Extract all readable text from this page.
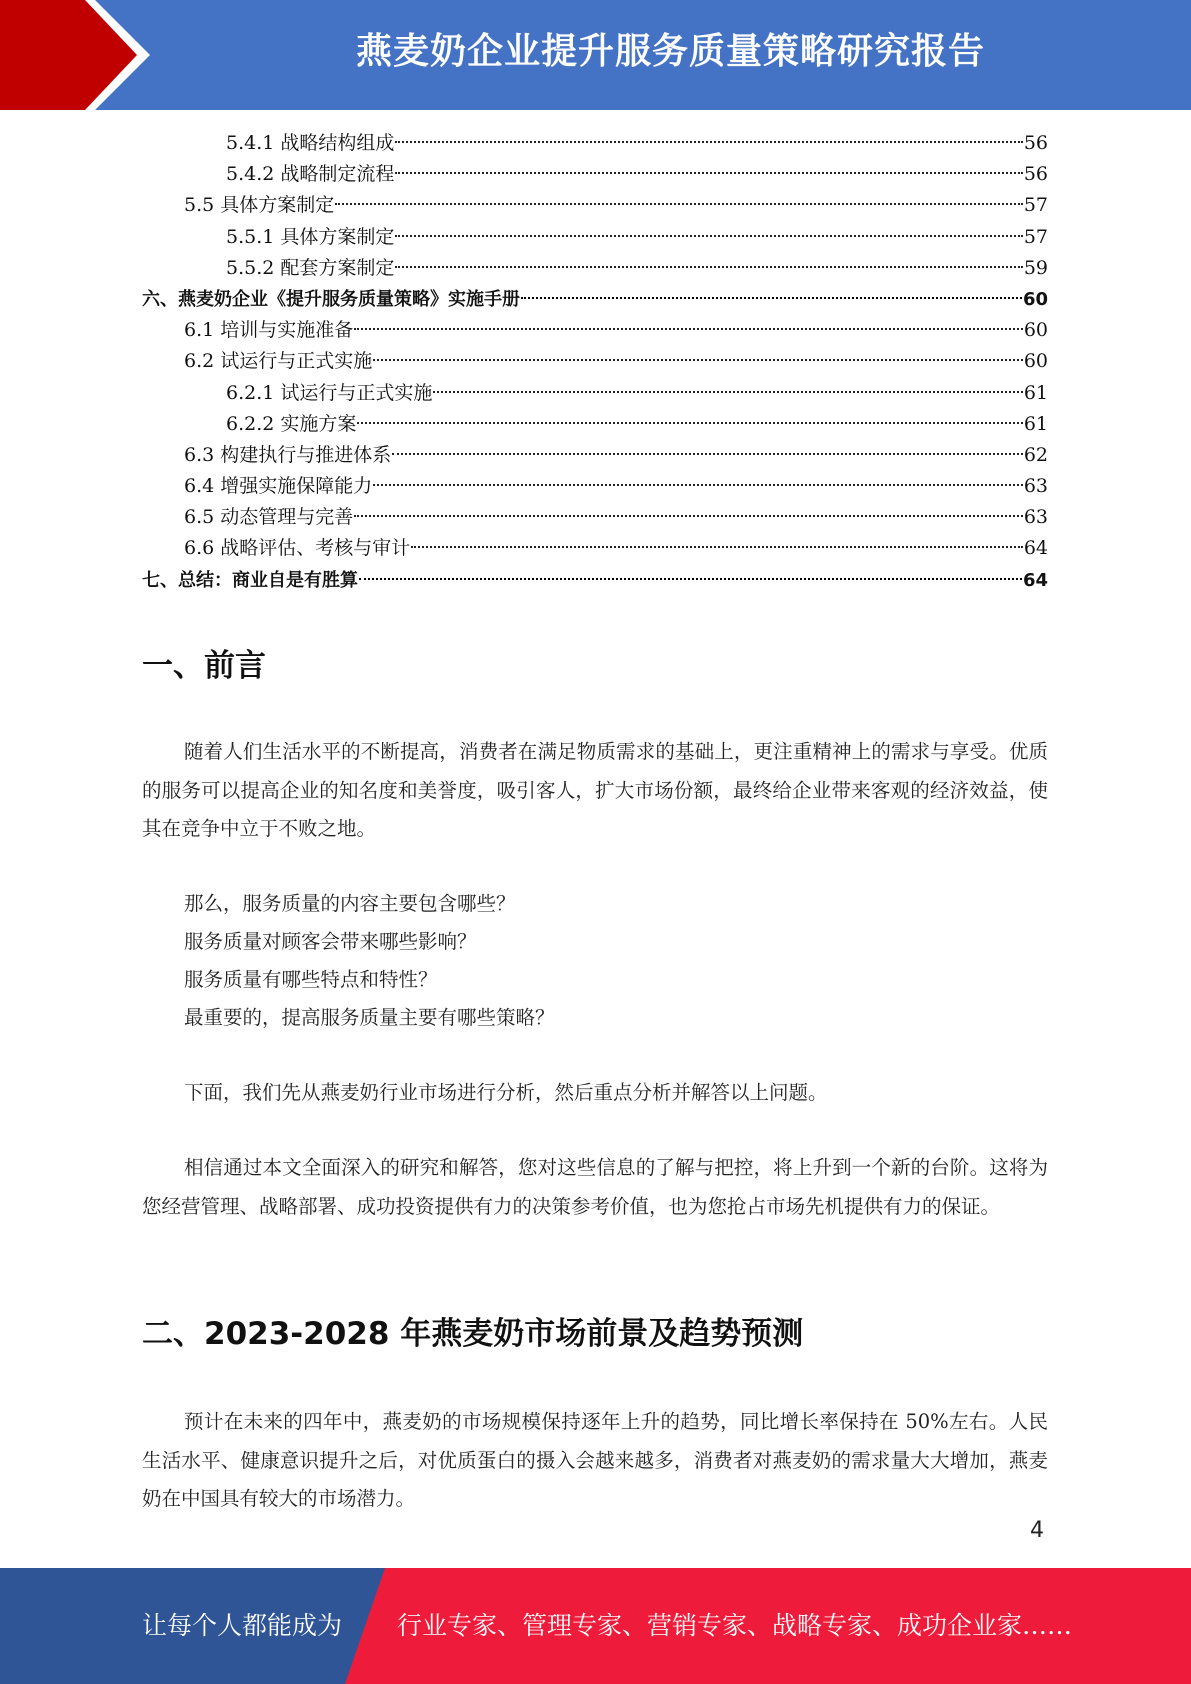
燕麦奶企业提升服务质量策略研究报告
5.4.1 战略结构组成	56
5.4.2 战略制定流程	56
5.5 具体方案制定	57
5.5.1 具体方案制定	57
5.5.2 配套方案制定	59
六、燕麦奶企业《提升服务质量策略》实施手册	60
6.1 培训与实施准备	60
6.2 试运行与正式实施	60
6.2.1 试运行与正式实施	61
6.2.2 实施方案	61
6.3 构建执行与推进体系	62
6.4 增强实施保障能力	63
6.5 动态管理与完善	63
6.6 战略评估、考核与审计	64
七、总结：商业自是有胜算	64
一、前言
随着人们生活水平的不断提高，消费者在满足物质需求的基础上，更注重精神上的需求与享受。优质的服务可以提高企业的知名度和美誉度，吸引客人，扩大市场份额，最终给企业带来客观的经济效益，使其在竞争中立于不败之地。
那么，服务质量的内容主要包含哪些？
服务质量对顾客会带来哪些影响？
服务质量有哪些特点和特性？
最重要的，提高服务质量主要有哪些策略？
下面，我们先从燕麦奶行业市场进行分析，然后重点分析并解答以上问题。
相信通过本文全面深入的研究和解答，您对这些信息的了解与把控，将上升到一个新的台阶。这将为您经营管理、战略部署、成功投资提供有力的决策参考价值，也为您抢占市场先机提供有力的保证。
二、2023-2028 年燕麦奶市场前景及趋势预测
预计在未来的四年中，燕麦奶的市场规模保持逐年上升的趋势，同比增长率保持在 50%左右。人民生活水平、健康意识提升之后，对优质蛋白的摄入会越来越多，消费者对燕麦奶的需求量大大增加，燕麦奶在中国具有较大的市场潜力。
4
让每个人都能成为 行业专家、管理专家、营销专家、战略专家、成功企业家……
